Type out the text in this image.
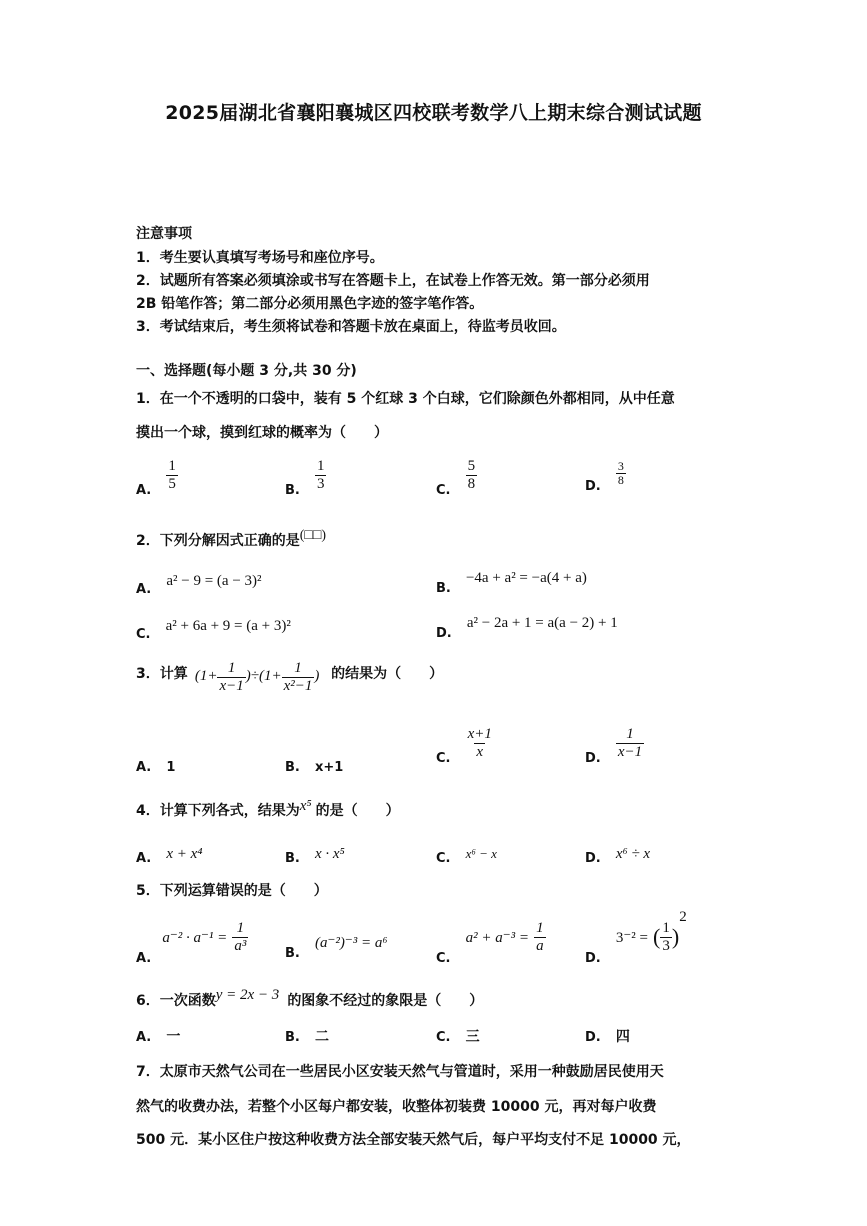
2025届湖北省襄阳襄城区四校联考数学八上期末综合测试试题
注意事项
1．考生要认真填写考场号和座位序号。
2．试题所有答案必须填涂或书写在答题卡上，在试卷上作答无效。第一部分必须用
2B 铅笔作答；第二部分必须用黑色字迹的签字笔作答。
3．考试结束后，考生须将试卷和答题卡放在桌面上，待监考员收回。
一、选择题(每小题 3 分,共 30 分)
1．在一个不透明的口袋中，装有 5 个红球 3 个白球，它们除颜色外都相同，从中任意
摸出一个球，摸到红球的概率为（　　）
$_{A.} \frac{1}{5}$	$_{B.} \frac{1}{3}$	$_{C.} \frac{5}{8}$	$_{D.} \frac{3}{8}$
2．下列分解因式正确的是(□□)
$_{A.}$ a² − 9 = (a − 3)²	$_{B.}$ −4a + a² = −a(4 + a)
$_{C.}$ a² + 6a + 9 = (a + 3)²	$_{D.}$ a² − 2a + 1 = a(a − 2) + 1
3．计算 $(1+ \frac{1}{x-1} )\div(1+ \frac{1}{\text{x²−1}}$ ) 的结果为（　　）
A. 1	B. x+1
$_{C.} \frac{x+1}{x}$	$_{D.} \frac{1}{x-1}$
4．计算下列各式，结果为x⁵ 的是（　　）
$_{A.}$ x + x⁴	$_{B.}$ x · x⁵	$_{C.}$ x⁶ − x	$_{D.}$ x⁶ ÷ x
5．下列运算错误的是（　　）
$_{A.}$ $a^{-2} \cdot a^{-1} = \frac{1}{\text{a³}}$	$_{B.}$ (a⁻²)⁻³ = a⁶
$_{C.}$ $a^2 + a^{-3} = \frac{1}{a}$
$_{D.}$ 3⁻² = ( $\frac{1}{3} )^2$
6．一次函数y = 2x − 3 的图象不经过的象限是（　　）
A. 一	B. 二	C. 三	D. 四
7．太原市天然气公司在一些居民小区安装天然气与管道时，采用一种鼓励居民使用天
然气的收费办法，若整个小区每户都安装，收整体初装费 10000 元，再对每户收费
500 元．某小区住户按这种收费方法全部安装天然气后，每户平均支付不足 10000 元，
